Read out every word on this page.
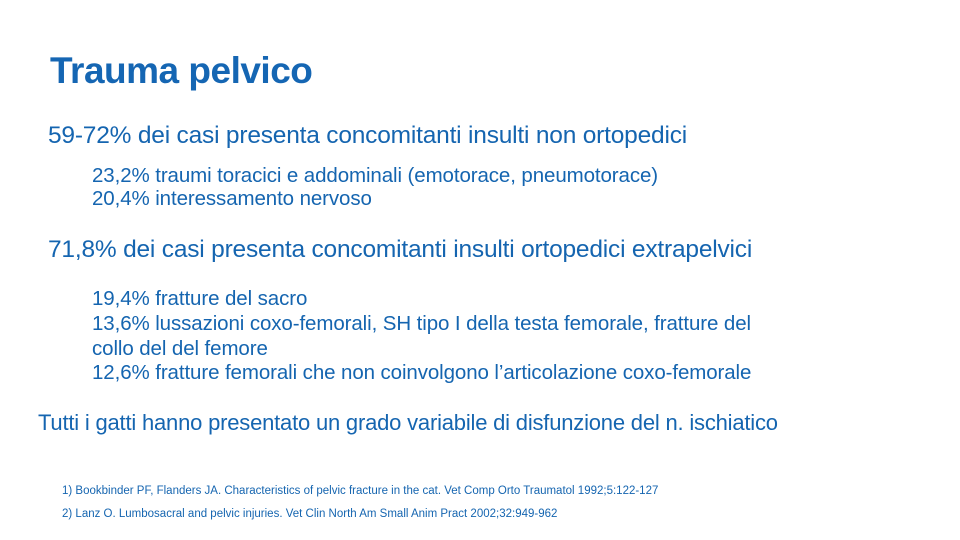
Trauma pelvico

59-72% dei casi presenta concomitanti insulti non ortopedici

23,2% traumi toracici e addominali (emotorace, pneumotorace)

20,4% interessamento nervoso

71,8% dei casi presenta concomitanti insulti ortopedici extrapelvici

19,4% fratture del sacro

13,6% lussazioni coxo-femorali, SH tipo I della testa femorale, fratture del

collo del del femore

12,6% fratture femorali che non coinvolgono l’articolazione coxo-femorale

Tutti i gatti hanno presentato un grado variabile di disfunzione del n. ischiatico

1) Bookbinder PF, Flanders JA. Characteristics of pelvic fracture in the cat. Vet Comp Orto Traumatol 1992;5:122-127

2) Lanz O. Lumbosacral and pelvic injuries. Vet Clin North Am Small Anim Pract 2002;32:949-962
